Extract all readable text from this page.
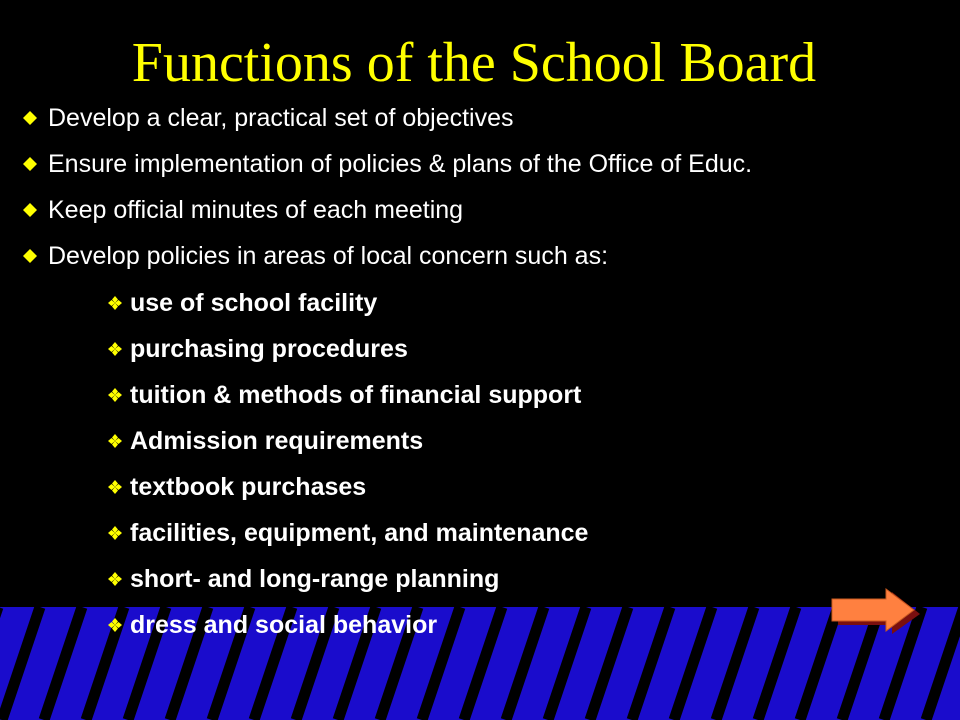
Functions of the School Board
Develop a clear, practical set of objectives
Ensure implementation of policies & plans of the Office of Educ.
Keep official minutes of each meeting
Develop policies in areas of local concern such as:
use of school facility
purchasing procedures
tuition & methods of financial support
Admission requirements
textbook purchases
facilities, equipment, and maintenance
short- and long-range planning
dress and social behavior
